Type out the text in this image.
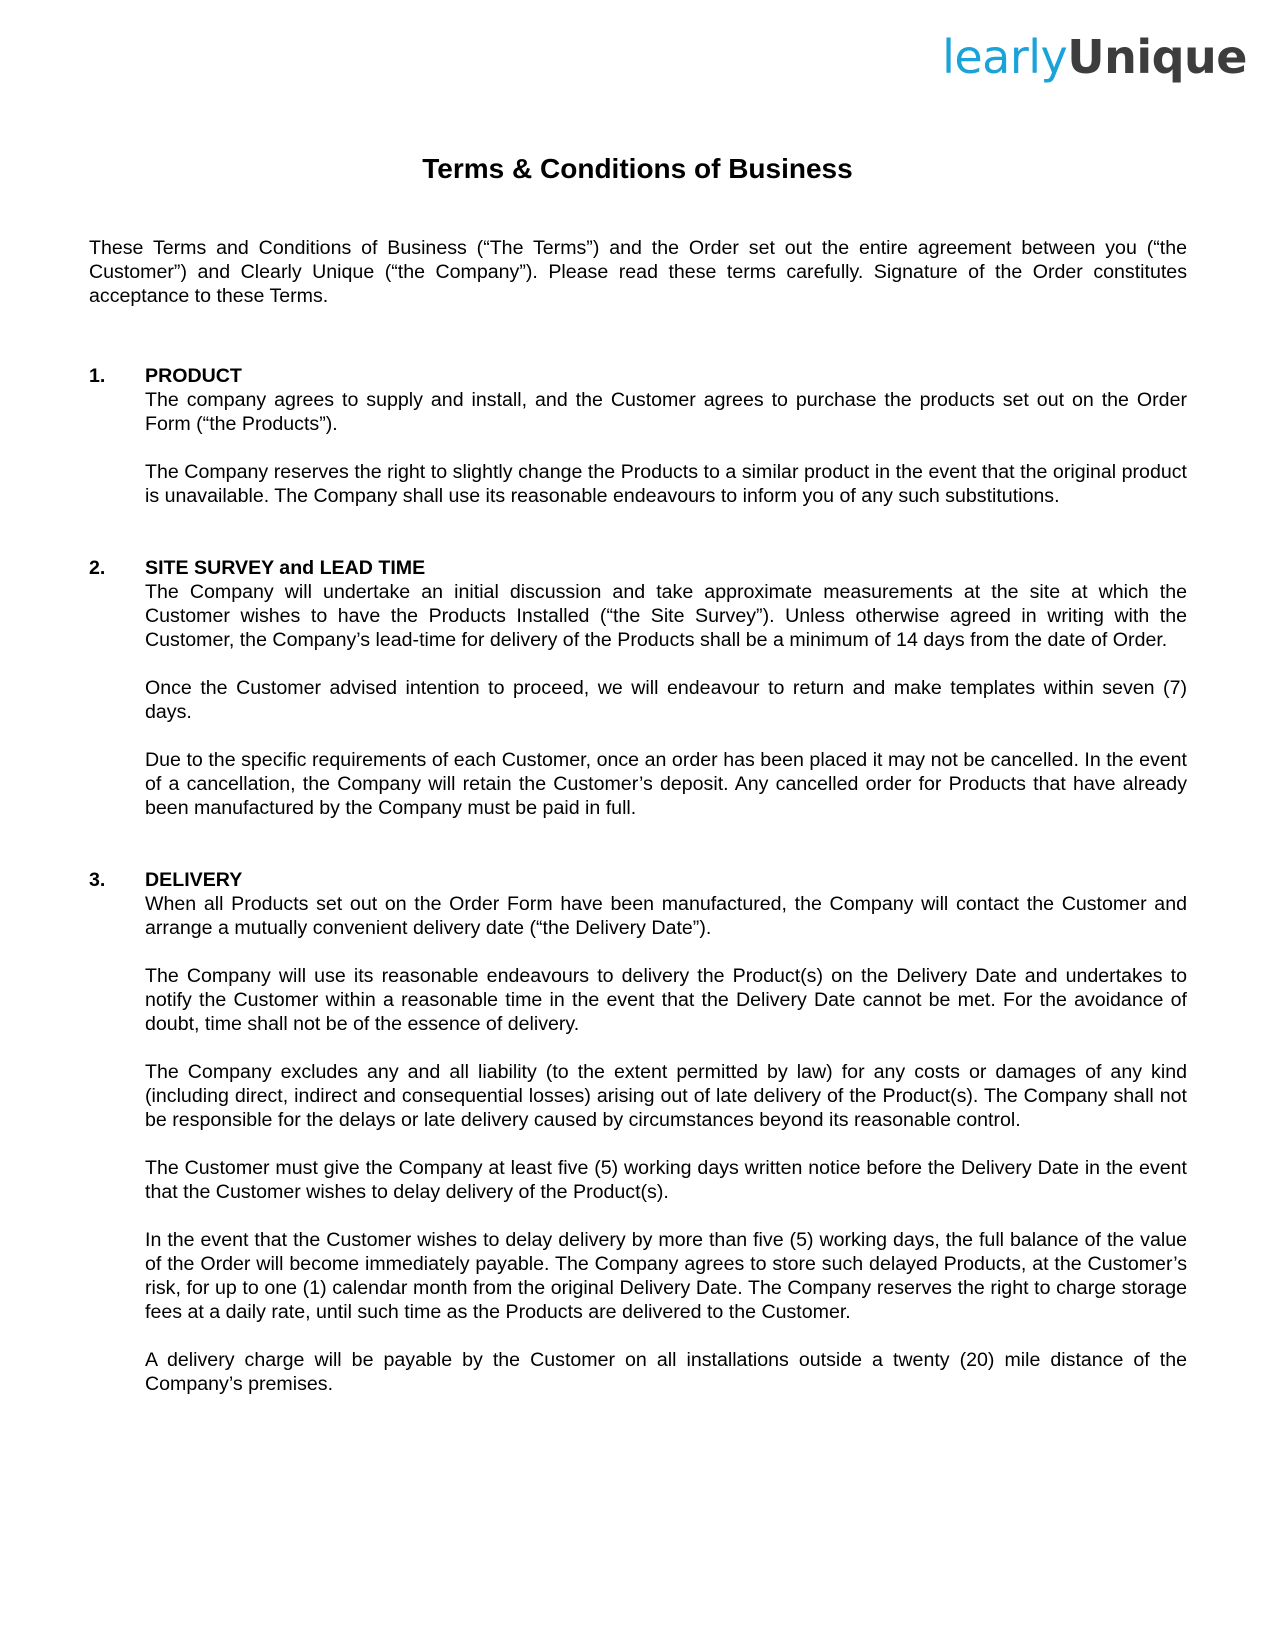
learlyUnique
Terms & Conditions of Business

These Terms and Conditions of Business (“The Terms”) and the Order set out the entire agreement between you (“the Customer”) and Clearly Unique (“the Company”). Please read these terms carefully. Signature of the Order constitutes acceptance to these Terms.

1.	PRODUCT

The company agrees to supply and install, and the Customer agrees to purchase the products set out on the Order Form (“the Products”).

The Company reserves the right to slightly change the Products to a similar product in the event that the original product is unavailable. The Company shall use its reasonable endeavours to inform you of any such substitutions.

2.	SITE SURVEY and LEAD TIME

The Company will undertake an initial discussion and take approximate measurements at the site at which the Customer wishes to have the Products Installed (“the Site Survey”). Unless otherwise agreed in writing with the Customer, the Company’s lead-time for delivery of the Products shall be a minimum of 14 days from the date of Order.

Once the Customer advised intention to proceed, we will endeavour to return and make templates within seven (7) days.

Due to the specific requirements of each Customer, once an order has been placed it may not be cancelled. In the event of a cancellation, the Company will retain the Customer’s deposit. Any cancelled order for Products that have already been manufactured by the Company must be paid in full.

3.	DELIVERY

When all Products set out on the Order Form have been manufactured, the Company will contact the Customer and arrange a mutually convenient delivery date (“the Delivery Date”).

The Company will use its reasonable endeavours to delivery the Product(s) on the Delivery Date and undertakes to notify the Customer within a reasonable time in the event that the Delivery Date cannot be met. For the avoidance of doubt, time shall not be of the essence of delivery.

The Company excludes any and all liability (to the extent permitted by law) for any costs or damages of any kind (including direct, indirect and consequential losses) arising out of late delivery of the Product(s). The Company shall not be responsible for the delays or late delivery caused by circumstances beyond its reasonable control.

The Customer must give the Company at least five (5) working days written notice before the Delivery Date in the event that the Customer wishes to delay delivery of the Product(s).

In the event that the Customer wishes to delay delivery by more than five (5) working days, the full balance of the value of the Order will become immediately payable. The Company agrees to store such delayed Products, at the Customer’s risk, for up to one (1) calendar month from the original Delivery Date. The Company reserves the right to charge storage fees at a daily rate, until such time as the Products are delivered to the Customer.

A delivery charge will be payable by the Customer on all installations outside a twenty (20) mile distance of the Company’s premises.
